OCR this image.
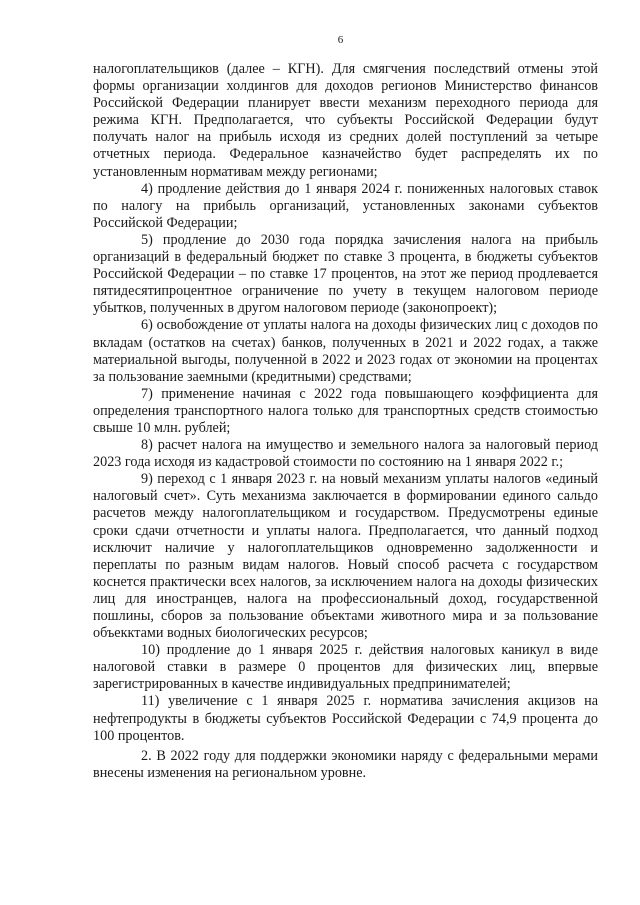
6

налогоплательщиков (далее – КГН). Для смягчения последствий отмены этой формы организации холдингов для доходов регионов Министерство финансов Российской Федерации планирует ввести механизм переходного периода для режима КГН. Предполагается, что субъекты Российской Федерации будут получать налог на прибыль исходя из средних долей поступлений за четыре отчетных периода. Федеральное казначейство будет распределять их по установленным нормативам между регионами;

4) продление действия до 1 января 2024 г. пониженных налоговых ставок по налогу на прибыль организаций, установленных законами субъектов Российской Федерации;

5) продление до 2030 года порядка зачисления налога на прибыль организаций в федеральный бюджет по ставке 3 процента, в бюджеты субъектов Российской Федерации – по ставке 17 процентов, на этот же период продлевается пятидесятипроцентное ограничение по учету в текущем налоговом периоде убытков, полученных в другом налоговом периоде (законопроект);

6) освобождение от уплаты налога на доходы физических лиц с доходов по вкладам (остатков на счетах) банков, полученных в 2021 и 2022 годах, а также материальной выгоды, полученной в 2022 и 2023 годах от экономии на процентах за пользование заемными (кредитными) средствами;

7) применение начиная с 2022 года повышающего коэффициента для определения транспортного налога только для транспортных средств стоимостью свыше 10 млн. рублей;

8) расчет налога на имущество и земельного налога за налоговый период 2023 года исходя из кадастровой стоимости по состоянию на 1 января 2022 г.;

9) переход с 1 января 2023 г. на новый механизм уплаты налогов «единый налоговый счет». Суть механизма заключается в формировании единого сальдо расчетов между налогоплательщиком и государством. Предусмотрены единые сроки сдачи отчетности и уплаты налога. Предполагается, что данный подход исключит наличие у налогоплательщиков одновременно задолженности и переплаты по разным видам налогов. Новый способ расчета с государством коснется практически всех налогов, за исключением налога на доходы физических лиц для иностранцев, налога на профессиональный доход, государственной пошлины, сборов за пользование объектами животного мира и за пользование объекктами водных биологических ресурсов;

10) продление до 1 января 2025 г. действия налоговых каникул в виде налоговой ставки в размере 0 процентов для физических лиц, впервые зарегистрированных в качестве индивидуальных предпринимателей;

11) увеличение с 1 января 2025 г. норматива зачисления акцизов на нефтепродукты в бюджеты субъектов Российской Федерации с 74,9 процента до 100 процентов.

2. В 2022 году для поддержки экономики наряду с федеральными мерами внесены изменения на региональном уровне.
